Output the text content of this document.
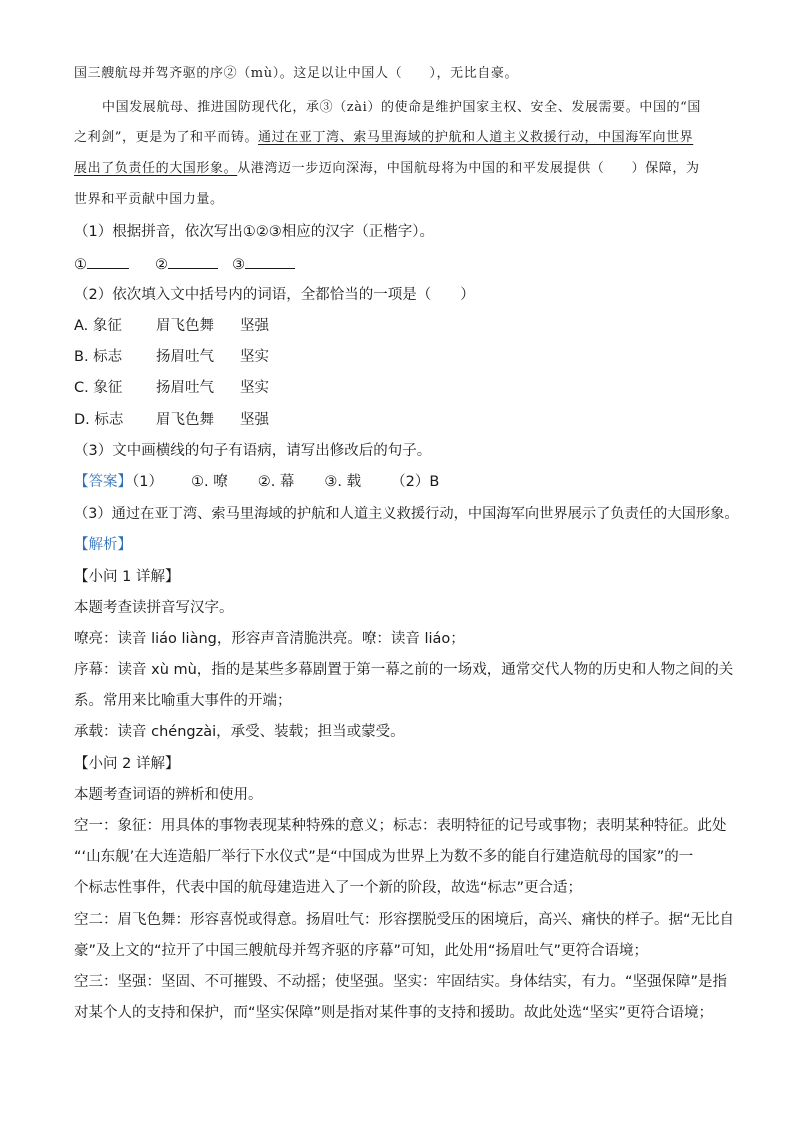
国三艘航母并驾齐驱的序②（mù）。这足以让中国人（　　），无比自豪。
中国发展航母、推进国防现代化，承③（zài）的使命是维护国家主权、安全、发展需要。中国的“国
之利剑”，更是为了和平而铸。通过在亚丁湾、索马里海域的护航和人道主义救援行动，中国海军向世界
展出了负责任的大国形象。从港湾迈一步迈向深海，中国航母将为中国的和平发展提供（　　）保障，为
世界和平贡献中国力量。
（1）根据拼音，依次写出①②③相应的汉字（正楷字）。
①	②	③
（2）依次填入文中括号内的词语，全都恰当的一项是（　　）
A. 象征 眉飞色舞 坚强
B. 标志 扬眉吐气 坚实
C. 象征 扬眉吐气 坚实
D. 标志 眉飞色舞 坚强
（3）文中画横线的句子有语病，请写出修改后的句子。
【答案】（1） ①. 嘹 ②. 幕 ③. 载 （2）B
（3）通过在亚丁湾、索马里海域的护航和人道主义救援行动，中国海军向世界展示了负责任的大国形象。
【解析】
【小问 1 详解】
本题考查读拼音写汉字。
嘹亮：读音 liáo liàng，形容声音清脆洪亮。嘹：读音 liáo；
序幕：读音 xù mù，指的是某些多幕剧置于第一幕之前的一场戏，通常交代人物的历史和人物之间的关
系。常用来比喻重大事件的开端；
承载：读音 chéngzài，承受、装载；担当或蒙受。
【小问 2 详解】
本题考查词语的辨析和使用。
空一：象征：用具体的事物表现某种特殊的意义；标志：表明特征的记号或事物；表明某种特征。此处
“‘山东舰’在大连造船厂举行下水仪式”是“中国成为世界上为数不多的能自行建造航母的国家”的一
个标志性事件，代表中国的航母建造进入了一个新的阶段，故选“标志”更合适；
空二：眉飞色舞：形容喜悦或得意。扬眉吐气：形容摆脱受压的困境后，高兴、痛快的样子。据“无比自
豪”及上文的“拉开了中国三艘航母并驾齐驱的序幕”可知，此处用“扬眉吐气”更符合语境；
空三：坚强：坚固、不可摧毁、不动摇；使坚强。坚实：牢固结实。身体结实，有力。“坚强保障”是指
对某个人的支持和保护，而“坚实保障”则是指对某件事的支持和援助。故此处选“坚实”更符合语境；
